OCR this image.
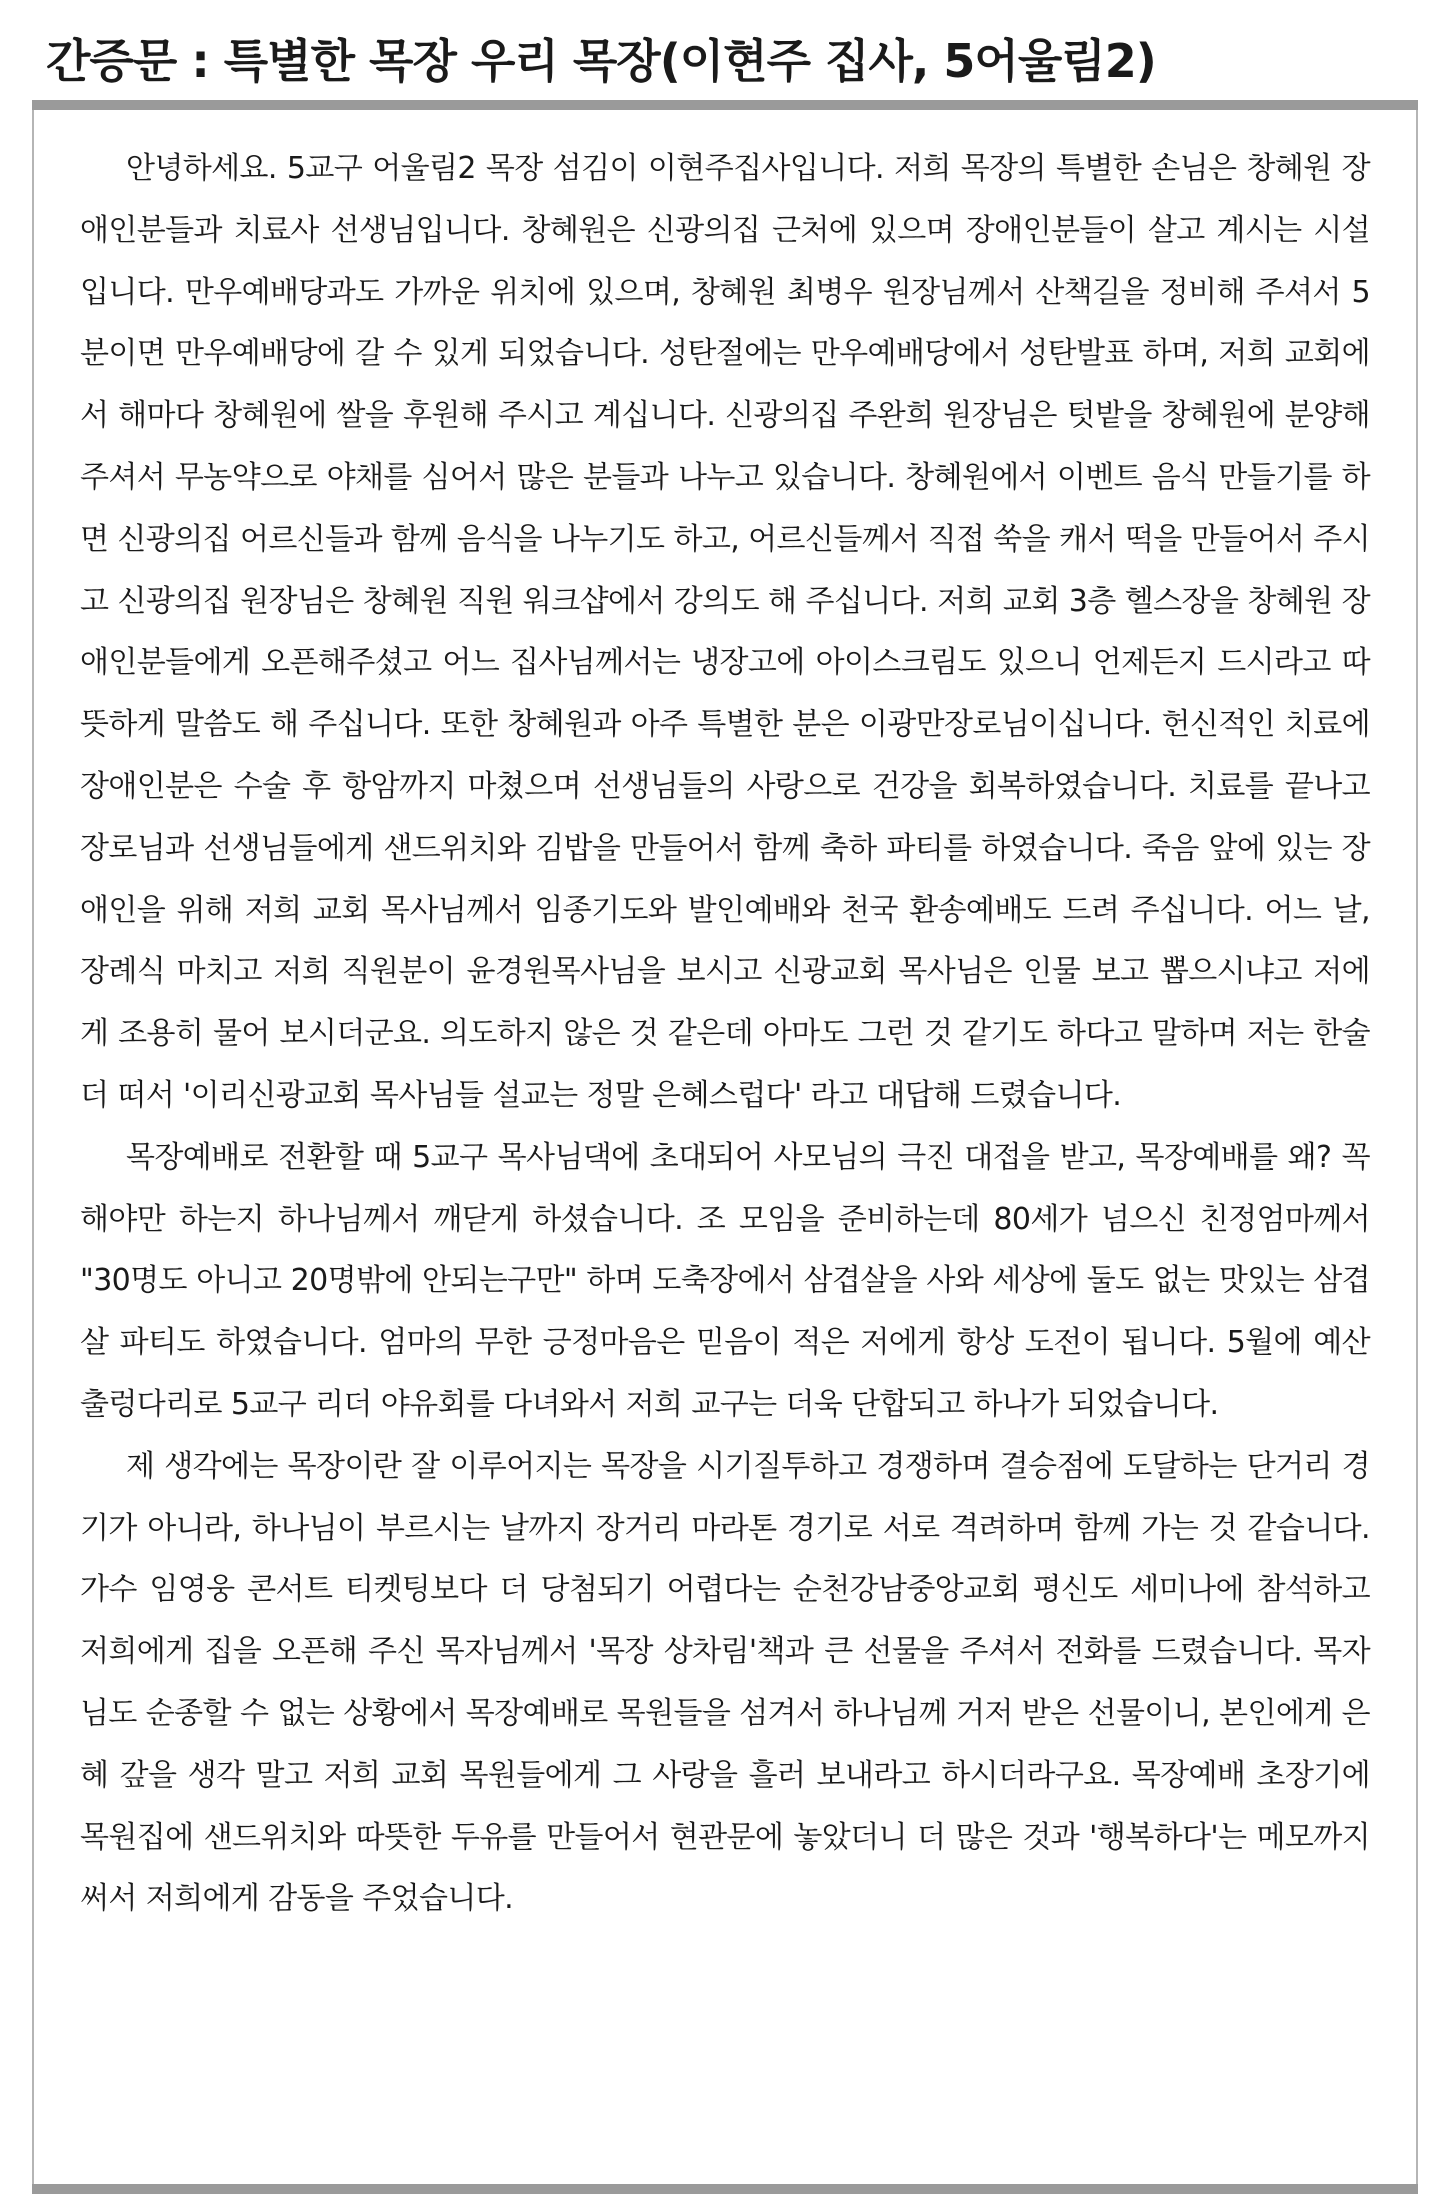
간증문 : 특별한 목장 우리 목장(이현주 집사, 5어울림2)

안녕하세요. 5교구 어울림2 목장 섬김이 이현주집사입니다. 저희 목장의 특별한 손님은 창혜원 장애인분들과 치료사 선생님입니다. 창혜원은 신광의집 근처에 있으며 장애인분들이 살고 계시는 시설입니다. 만우예배당과도 가까운 위치에 있으며, 창혜원 최병우 원장님께서 산책길을 정비해 주셔서 5분이면 만우예배당에 갈 수 있게 되었습니다. 성탄절에는 만우예배당에서 성탄발표 하며, 저희 교회에서 해마다 창혜원에 쌀을 후원해 주시고 계십니다. 신광의집 주완희 원장님은 텃밭을 창혜원에 분양해 주셔서 무농약으로 야채를 심어서 많은 분들과 나누고 있습니다. 창혜원에서 이벤트 음식 만들기를 하면 신광의집 어르신들과 함께 음식을 나누기도 하고, 어르신들께서 직접 쑥을 캐서 떡을 만들어서 주시고 신광의집 원장님은 창혜원 직원 워크샵에서 강의도 해 주십니다. 저희 교회 3층 헬스장을 창혜원 장애인분들에게 오픈해주셨고 어느 집사님께서는 냉장고에 아이스크림도 있으니 언제든지 드시라고 따뜻하게 말씀도 해 주십니다. 또한 창혜원과 아주 특별한 분은 이광만장로님이십니다. 헌신적인 치료에 장애인분은 수술 후 항암까지 마쳤으며 선생님들의 사랑으로 건강을 회복하였습니다. 치료를 끝나고 장로님과 선생님들에게 샌드위치와 김밥을 만들어서 함께 축하 파티를 하였습니다. 죽음 앞에 있는 장애인을 위해 저희 교회 목사님께서 임종기도와 발인예배와 천국 환송예배도 드려 주십니다. 어느 날, 장례식 마치고 저희 직원분이 윤경원목사님을 보시고 신광교회 목사님은 인물 보고 뽑으시냐고 저에게 조용히 물어 보시더군요. 의도하지 않은 것 같은데 아마도 그런 것 같기도 하다고 말하며 저는 한술 더 떠서 '이리신광교회 목사님들 설교는 정말 은혜스럽다' 라고 대답해 드렸습니다.

목장예배로 전환할 때 5교구 목사님댁에 초대되어 사모님의 극진 대접을 받고, 목장예배를 왜? 꼭 해야만 하는지 하나님께서 깨닫게 하셨습니다. 조 모임을 준비하는데 80세가 넘으신 친정엄마께서 "30명도 아니고 20명밖에 안되는구만" 하며 도축장에서 삼겹살을 사와 세상에 둘도 없는 맛있는 삼겹살 파티도 하였습니다. 엄마의 무한 긍정마음은 믿음이 적은 저에게 항상 도전이 됩니다. 5월에 예산 출렁다리로 5교구 리더 야유회를 다녀와서 저희 교구는 더욱 단합되고 하나가 되었습니다.

제 생각에는 목장이란 잘 이루어지는 목장을 시기질투하고 경쟁하며 결승점에 도달하는 단거리 경기가 아니라, 하나님이 부르시는 날까지 장거리 마라톤 경기로 서로 격려하며 함께 가는 것 같습니다. 가수 임영웅 콘서트 티켓팅보다 더 당첨되기 어렵다는 순천강남중앙교회 평신도 세미나에 참석하고 저희에게 집을 오픈해 주신 목자님께서 '목장 상차림'책과 큰 선물을 주셔서 전화를 드렸습니다. 목자님도 순종할 수 없는 상황에서 목장예배로 목원들을 섬겨서 하나님께 거저 받은 선물이니, 본인에게 은혜 갚을 생각 말고 저희 교회 목원들에게 그 사랑을 흘러 보내라고 하시더라구요. 목장예배 초장기에 목원집에 샌드위치와 따뜻한 두유를 만들어서 현관문에 놓았더니 더 많은 것과 '행복하다'는 메모까지 써서 저희에게 감동을 주었습니다.
